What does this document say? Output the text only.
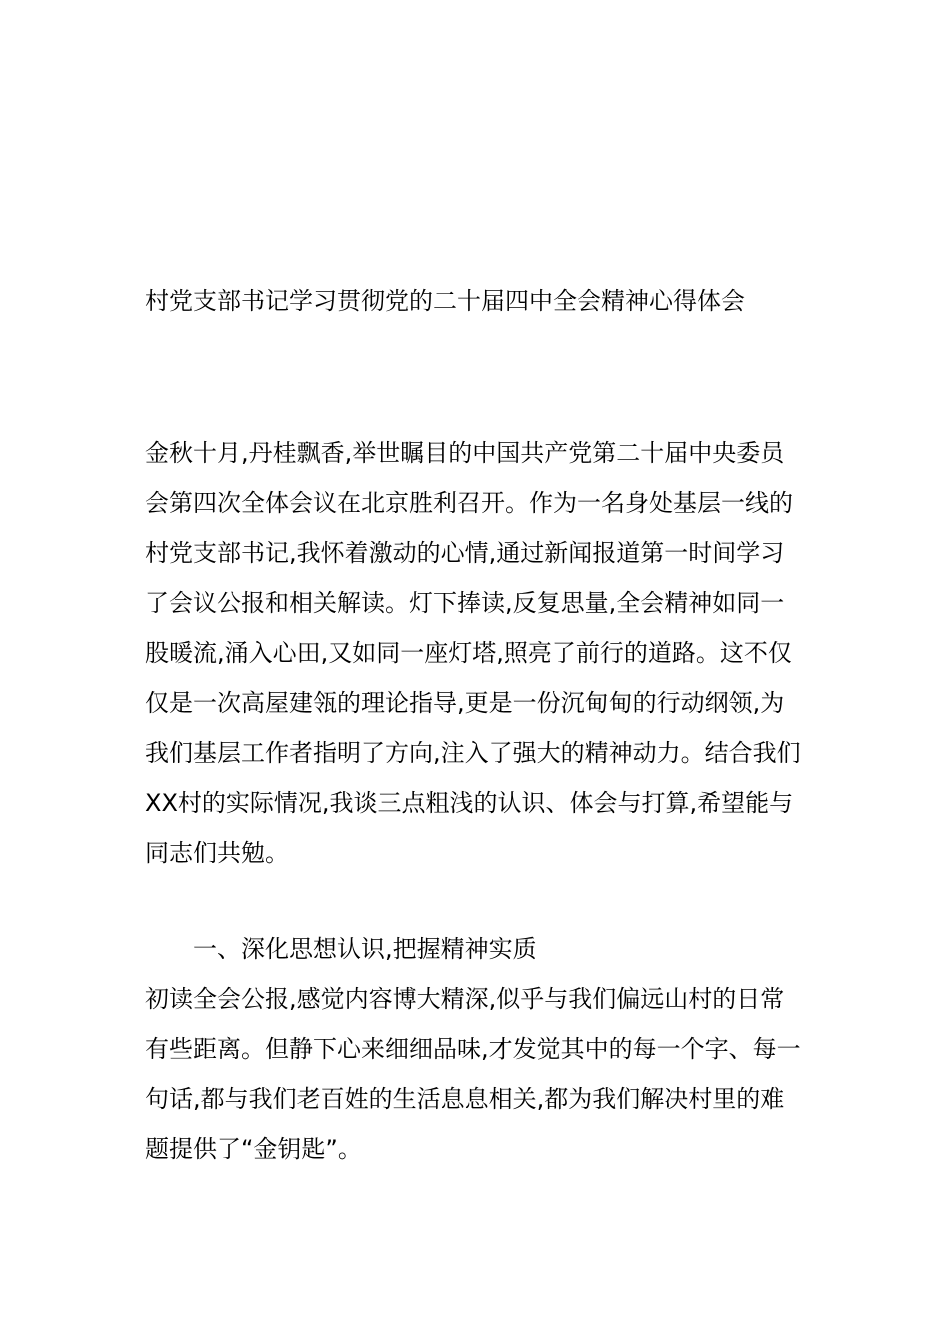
村党支部书记学习贯彻党的二十届四中全会精神心得体会

金秋十月,丹桂飘香,举世瞩目的中国共产党第二十届中央委员会第四次全体会议在北京胜利召开。作为一名身处基层一线的村党支部书记,我怀着激动的心情,通过新闻报道第一时间学习了会议公报和相关解读。灯下捧读,反复思量,全会精神如同一股暖流,涌入心田,又如同一座灯塔,照亮了前行的道路。这不仅仅是一次高屋建瓴的理论指导,更是一份沉甸甸的行动纲领,为我们基层工作者指明了方向,注入了强大的精神动力。结合我们XX村的实际情况,我谈三点粗浅的认识、体会与打算,希望能与同志们共勉。

一、深化思想认识,把握精神实质

初读全会公报,感觉内容博大精深,似乎与我们偏远山村的日常有些距离。但静下心来细细品味,才发觉其中的每一个字、每一句话,都与我们老百姓的生活息息相关,都为我们解决村里的难题提供了“金钥匙”。
